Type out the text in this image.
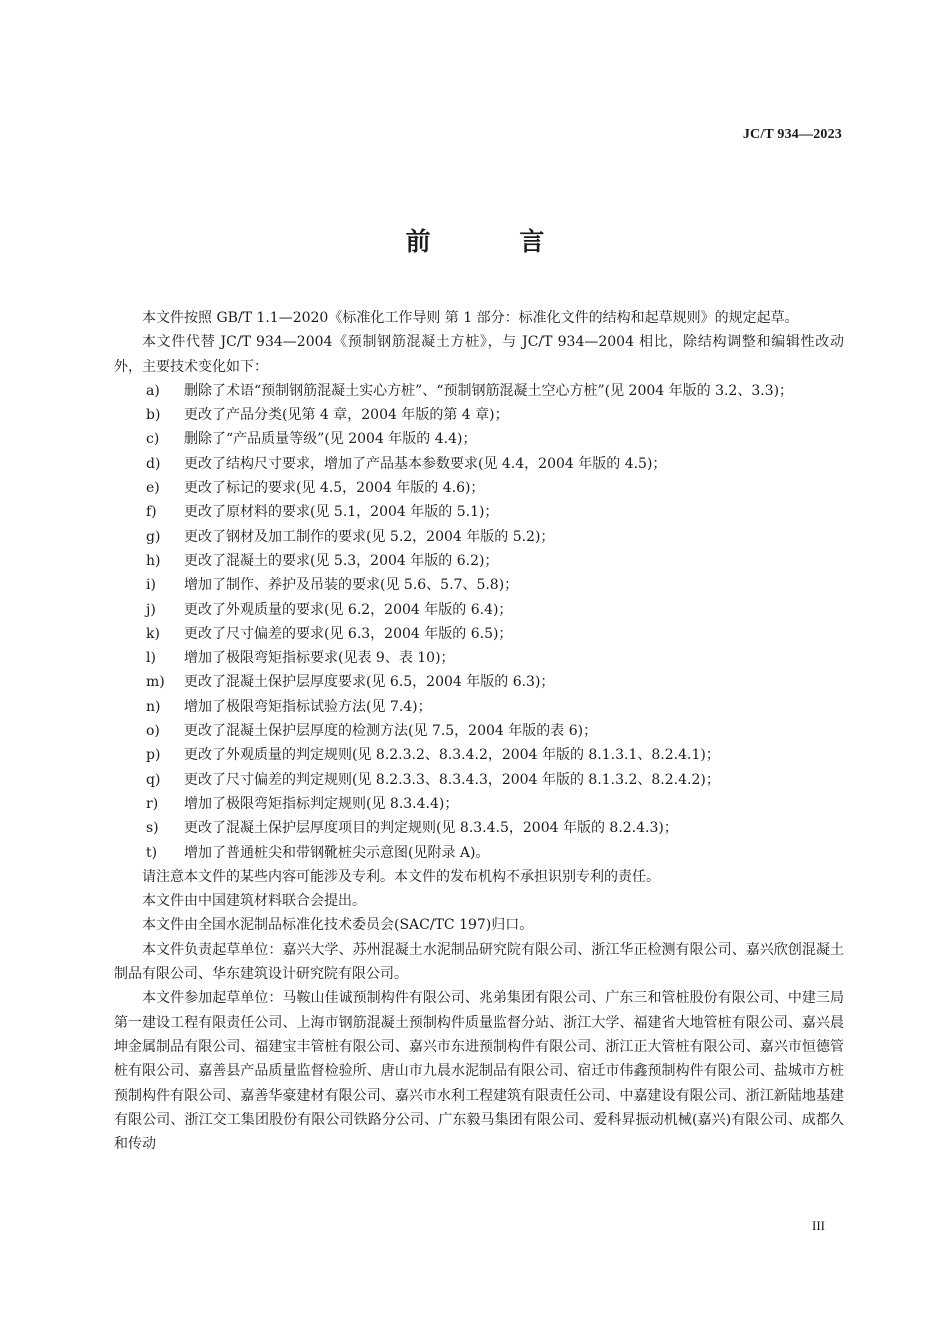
JC/T 934—2023
前 言

本文件按照 GB/T 1.1—2020《标准化工作导则 第 1 部分：标准化文件的结构和起草规则》的规定起草。

本文件代替 JC/T 934—2004《预制钢筋混凝土方桩》，与 JC/T 934—2004 相比，除结构调整和编辑性改动外，主要技术变化如下：

a)	删除了术语“预制钢筋混凝土实心方桩”、“预制钢筋混凝土空心方桩”(见 2004 年版的 3.2、3.3)；
b)	更改了产品分类(见第 4 章，2004 年版的第 4 章)；
c)	删除了“产品质量等级”(见 2004 年版的 4.4)；
d)	更改了结构尺寸要求，增加了产品基本参数要求(见 4.4，2004 年版的 4.5)；
e)	更改了标记的要求(见 4.5，2004 年版的 4.6)；
f)	更改了原材料的要求(见 5.1，2004 年版的 5.1)；
g)	更改了钢材及加工制作的要求(见 5.2，2004 年版的 5.2)；
h)	更改了混凝土的要求(见 5.3，2004 年版的 6.2)；
i)	增加了制作、养护及吊装的要求(见 5.6、5.7、5.8)；
j)	更改了外观质量的要求(见 6.2，2004 年版的 6.4)；
k)	更改了尺寸偏差的要求(见 6.3，2004 年版的 6.5)；
l)	增加了极限弯矩指标要求(见表 9、表 10)；
m)	更改了混凝土保护层厚度要求(见 6.5，2004 年版的 6.3)；
n)	增加了极限弯矩指标试验方法(见 7.4)；
o)	更改了混凝土保护层厚度的检测方法(见 7.5，2004 年版的表 6)；
p)	更改了外观质量的判定规则(见 8.2.3.2、8.3.4.2，2004 年版的 8.1.3.1、8.2.4.1)；
q)	更改了尺寸偏差的判定规则(见 8.2.3.3、8.3.4.3，2004 年版的 8.1.3.2、8.2.4.2)；
r)	增加了极限弯矩指标判定规则(见 8.3.4.4)；
s)	更改了混凝土保护层厚度项目的判定规则(见 8.3.4.5，2004 年版的 8.2.4.3)；
t)	增加了普通桩尖和带钢靴桩尖示意图(见附录 A)。

请注意本文件的某些内容可能涉及专利。本文件的发布机构不承担识别专利的责任。

本文件由中国建筑材料联合会提出。

本文件由全国水泥制品标准化技术委员会(SAC/TC 197)归口。

本文件负责起草单位：嘉兴大学、苏州混凝土水泥制品研究院有限公司、浙江华正检测有限公司、嘉兴欣创混凝土制品有限公司、华东建筑设计研究院有限公司。

本文件参加起草单位：马鞍山佳诚预制构件有限公司、兆弟集团有限公司、广东三和管桩股份有限公司、中建三局第一建设工程有限责任公司、上海市钢筋混凝土预制构件质量监督分站、浙江大学、福建省大地管桩有限公司、嘉兴晨坤金属制品有限公司、福建宝丰管桩有限公司、嘉兴市东进预制构件有限公司、浙江正大管桩有限公司、嘉兴市恒德管桩有限公司、嘉善县产品质量监督检验所、唐山市九晨水泥制品有限公司、宿迁市伟鑫预制构件有限公司、盐城市方桩预制构件有限公司、嘉善华豪建材有限公司、嘉兴市水利工程建筑有限责任公司、中嘉建设有限公司、浙江新陆地基建有限公司、浙江交工集团股份有限公司铁路分公司、广东毅马集团有限公司、爱科昇振动机械(嘉兴)有限公司、成都久和传动

III
